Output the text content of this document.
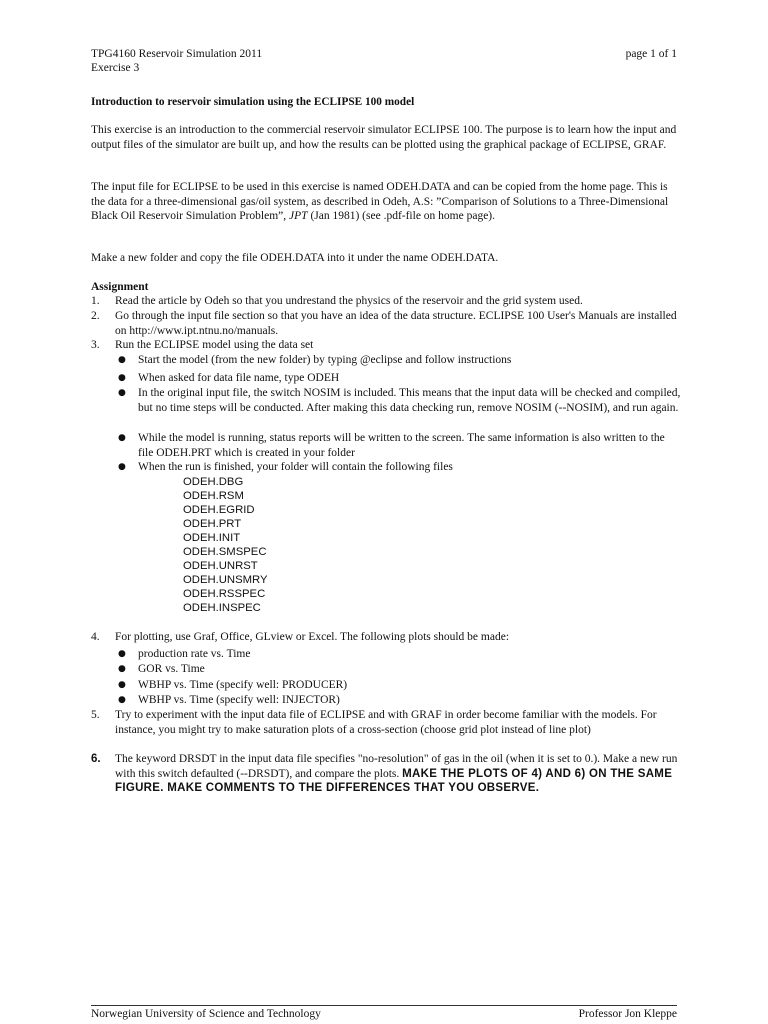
TPG4160 Reservoir Simulation 2011	page 1 of 1
Exercise 3
Introduction to reservoir simulation using the ECLIPSE 100 model

This exercise is an introduction to the commercial reservoir simulator ECLIPSE 100. The purpose is to learn how the input and output files of the simulator are built up, and how the results can be plotted using the graphical package of ECLIPSE, GRAF.

The input file for ECLIPSE to be used in this exercise is named ODEH.DATA and can be copied from the home page. This is the data for a three-dimensional gas/oil system, as described in Odeh, A.S: ”Comparison of Solutions to a Three-Dimensional Black Oil Reservoir Simulation Problem”, JPT (Jan 1981) (see .pdf-file on home page).

Make a new folder and copy the file ODEH.DATA into it under the name ODEH.DATA.

Assignment
1.	Read the article by Odeh so that you undrestand the physics of the reservoir and the grid system used.
2.	Go through the input file section so that you have an idea of the data structure. ECLIPSE 100 User's Manuals are installed on http://www.ipt.ntnu.no/manuals.
3.	Run the ECLIPSE model using the data set
●	Start the model (from the new folder) by typing @eclipse and follow instructions
●	When asked for data file name, type ODEH
●	In the original input file, the switch NOSIM is included. This means that the input data will be checked and compiled, but no time steps will be conducted. After making this data checking run, remove NOSIM (--NOSIM), and run again.
●	While the model is running, status reports will be written to the screen. The same information is also written to the file ODEH.PRT which is created in your folder
●	When the run is finished, your folder will contain the following files
ODEH.DBG
ODEH.RSM
ODEH.EGRID
ODEH.PRT
ODEH.INIT
ODEH.SMSPEC
ODEH.UNRST
ODEH.UNSMRY
ODEH.RSSPEC
ODEH.INSPEC
4.	For plotting, use Graf, Office, GLview or Excel. The following plots should be made:
●	production rate vs. Time
●	GOR vs. Time
●	WBHP vs. Time (specify well: PRODUCER)
●	WBHP vs. Time (specify well: INJECTOR)
5.	Try to experiment with the input data file of ECLIPSE and with GRAF in order become familiar with the models. For instance, you might try to make saturation plots of a cross-section (choose grid plot instead of line plot)
6.	The keyword DRSDT in the input data file specifies "no-resolution" of gas in the oil (when it is set to 0.). Make a new run with this switch defaulted (--DRSDT), and compare the plots. MAKE THE PLOTS OF 4) AND 6) ON THE SAME FIGURE. MAKE COMMENTS TO THE DIFFERENCES THAT YOU OBSERVE.
Norwegian University of Science and Technology	Professor Jon Kleppe
